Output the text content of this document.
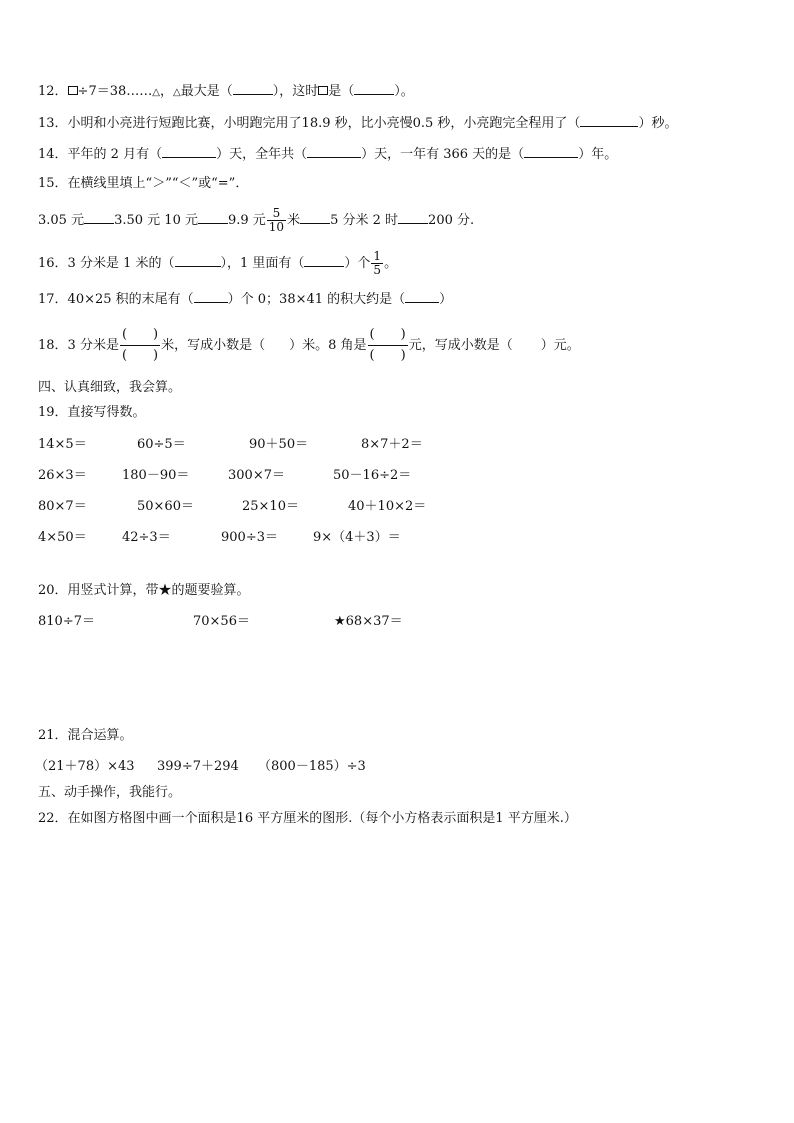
12． ÷7＝38……△，△最大是（	），这时 是（	）。
13．小明和小亮进行短跑比赛，小明跑完用了18.9 秒，比小亮慢0.5 秒，小亮跑完全程用了（	）秒。
14．平年的 2 月有（	）天，全年共（	）天，一年有 366 天的是（	）年。
15．在横线里填上“＞”“＜”或“=”．
3.05 元 3.50 元 10 元 9.9 元 $\frac{5}{10}$ 米 5 分米 2 时 200 分.
16．3 分米是 1 米的（	），1 里面有（	）个 $\frac{1}{5}$ 。
17．40×25 积的末尾有（	）个 0；38×41 的积大约是（	）
18．3 分米是
(　　)
(　　)
米，写成小数是（ ）米。8 角是
(　　)
(　　)
元，写成小数是（ ）元。
四、认真细致，我会算。
19．直接写得数。
14×5＝	60÷5＝	90＋50＝	8×7＋2＝
26×3＝	180－90＝	300×7＝	50－16÷2＝
80×7＝	50×60＝	25×10＝	40＋10×2＝
4×50＝	42÷3＝	900÷3＝	9×（4＋3）＝
20．用竖式计算，带★的题要验算。
810÷7＝	70×56＝	★68×37＝
21．混合运算。
（21＋78）×43 399÷7＋294 （800－185）÷3
五、动手操作，我能行。
22．在如图方格图中画一个面积是16 平方厘米的图形.（每个小方格表示面积是1 平方厘米.）
